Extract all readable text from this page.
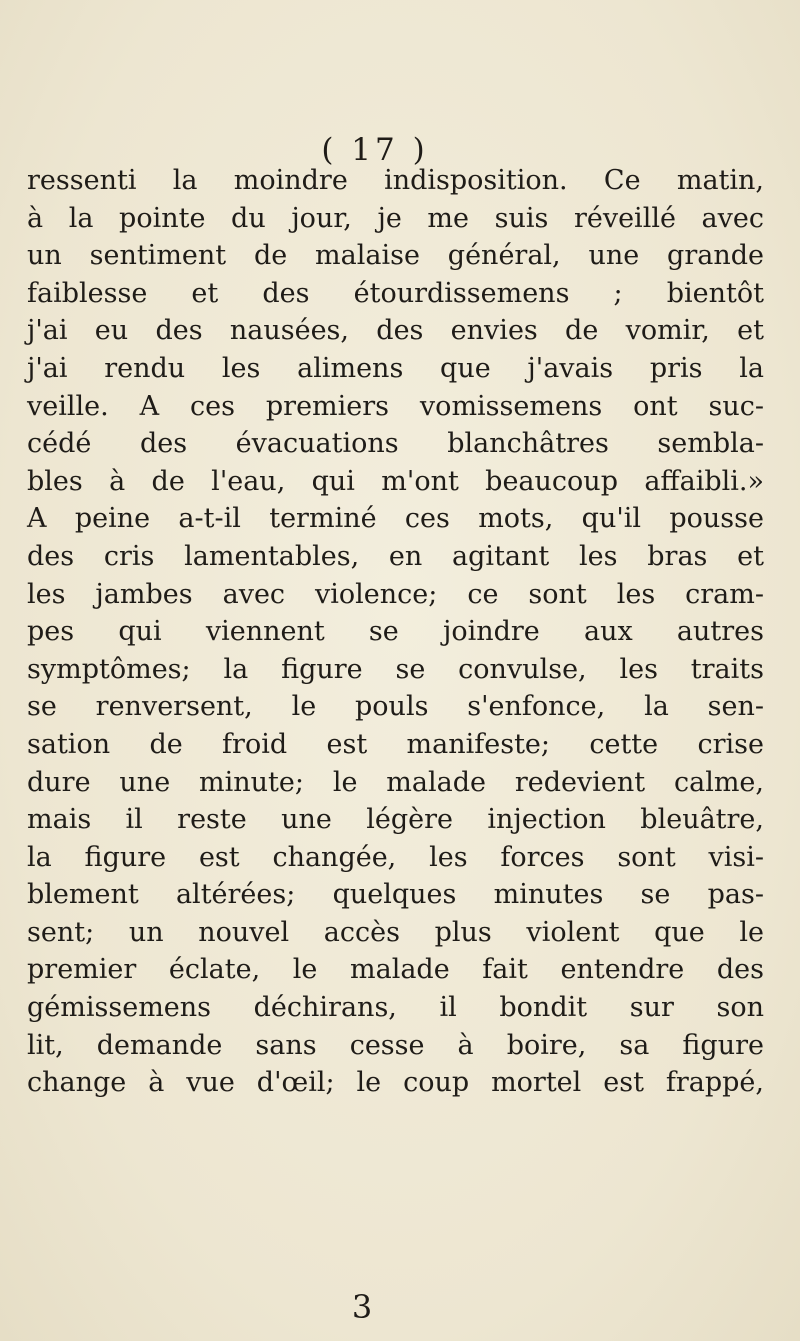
( 17 )
ressenti la moindre indisposition. Ce matin,
à la pointe du jour, je me suis réveillé avec
un sentiment de malaise général, une grande
faiblesse et des étourdissemens ; bientôt
j'ai eu des nausées, des envies de vomir, et
j'ai rendu les alimens que j'avais pris la
veille. A ces premiers vomissemens ont suc-
cédé des évacuations blanchâtres sembla-
bles à de l'eau, qui m'ont beaucoup affaibli.»
A peine a-t-il terminé ces mots, qu'il pousse
des cris lamentables, en agitant les bras et
les jambes avec violence; ce sont les cram-
pes qui viennent se joindre aux autres
symptômes; la figure se convulse, les traits
se renversent, le pouls s'enfonce, la sen-
sation de froid est manifeste; cette crise
dure une minute; le malade redevient calme,
mais il reste une légère injection bleuâtre,
la figure est changée, les forces sont visi-
blement altérées; quelques minutes se pas-
sent; un nouvel accès plus violent que le
premier éclate, le malade fait entendre des
gémissemens déchirans, il bondit sur son
lit, demande sans cesse à boire, sa figure
change à vue d'œil; le coup mortel est frappé,
3
